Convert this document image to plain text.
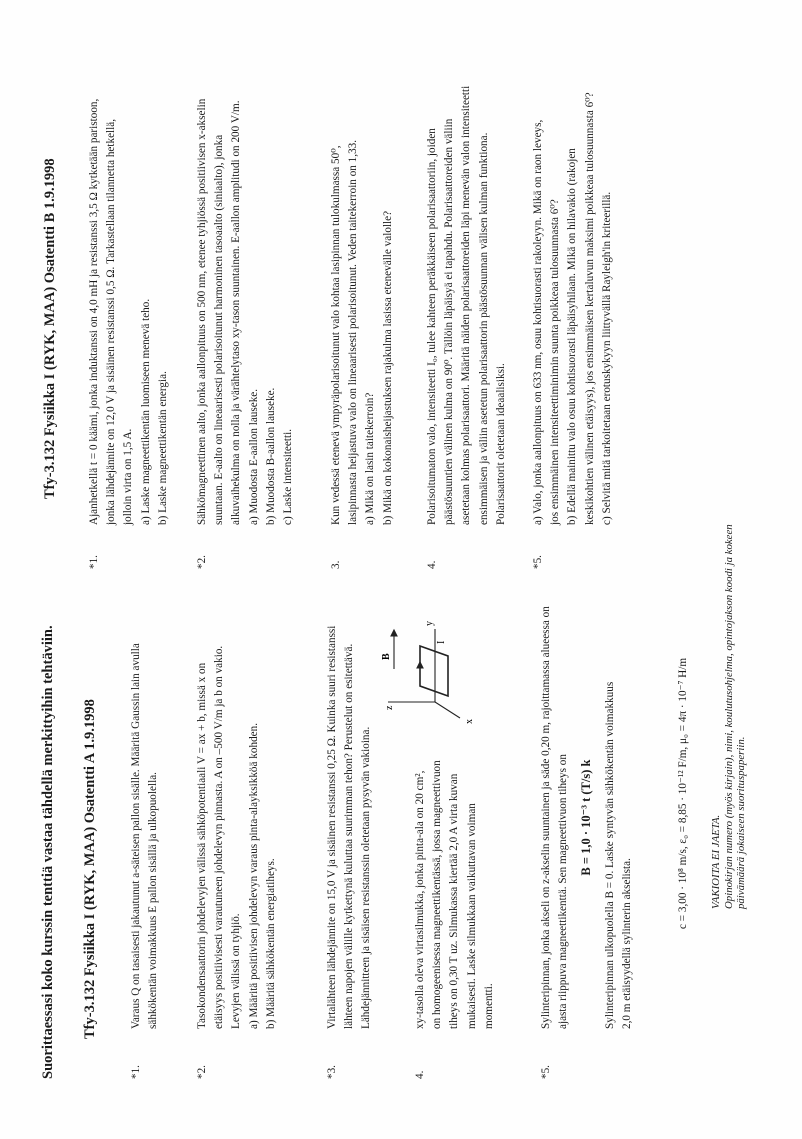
Suorittaessasi koko kurssin tenttiä vastaa tähdellä merkittyihin tehtäviin. Tfy-3.132 Fysiikka I (RYK, MAA) Osatentti A 1.9.1998
*1.
Varaus Q on tasaisesti jakautunut a-säteisen pallon sisälle. Määritä Gaussin lain avulla sähkökentän voimakkuus E pallon sisällä ja ulkopuolella.
*2.
Tasokondensaattorin johdelevyjen välissä sähköpotentiaali V = ax + b, missä x on etäisyys positiivisesti varautuneen johdelevyn pinnasta. A on –500 V/m ja b on vakio. Levyjen välissä on tyhjiö. a) Määritä positiivisen johdelevyn varaus pinta-alayksikköä kohden. b) Määritä sähkökentän energiatiheys.
*3.
Virtalähteen lähdejännite on 15,0 V ja sisäinen resistanssi 0,25 Ω. Kuinka suuri resistanssi lähteen napojen välille kytkettynä kuluttaa suurimman tehon? Perustelut on esitettävä. Lähdejännitteen ja sisäisen resistanssin oletetaan pysyvän vakioina.
4.
xy-tasolla oleva virtasilmukka, jonka pinta-ala on 20 cm², on homogeenisessa magneettikentässä, jossa magneettivuon tiheys on 0,30 T uz. Silmukassa kiertää 2,0 A virta kuvan mukaisesti. Laske silmukkaan vaikuttavan voiman momentti.
z
y
x
B
I
*5.
Sylinteripinnan, jonka akseli on z-akselin suuntainen ja säde 0,20 m, rajoittamassa alueessa on ajasta riippuva magneettikenttä. Sen magneettivuon tiheys on B = 1,0 · 10⁻³ t (T/s) k Sylinteripinnan ulkopuolella B = 0. Laske syntyvän sähkökentän voimakkuus 2,0 m etäisyydellä sylinterin akselista.
c = 3,00 · 10⁸ m/s, ε₀ = 8,85 · 10⁻¹² F/m, μ₀ = 4π · 10⁻⁷ H/m VAKIOITA EI JAETA. Opinokirjan numero (myös kirjain), nimi, koulutusohjelma, opintojakson koodi ja kokeen päivämäärä jokaiseen suorituspaperiin.
Tfy-3.132 Fysiikka I (RYK, MAA) Osatentti B 1.9.1998
*1.
Ajanhetkellä t = 0 käämi, jonka induktanssi on 4,0 mH ja resistanssi 3,5 Ω kytketään paristoon, jonka lähdejännite on 12,0 V ja sisäinen resistanssi 0,5 Ω. Tarkastellaan tilannetta hetkellä, jolloin virta on 1,5 A. a) Laske magneettikentän luomiseen menevä teho. b) Laske magneettikentän energia.
*2.
Sähkömagneettinen aalto, jonka aallonpituus on 500 nm, etenee tyhjiössä positiivisen x-akselin suuntaan. E-aalto on lineaarisesti polarisoitunut harmoninen tasoaalto (siniaalto), jonka alkuvaihekulma on nolla ja värähtelytaso xy-tason suuntainen. E-aallon amplitudi on 200 V/m. a) Muodosta E-aallon lauseke. b) Muodosta B-aallon lauseke. c) Laske intensiteetti.
3.
Kun vedessä etenevä ympyräpolarisoitunut valo kohtaa lasipinnan tulokulmassa 50⁰, lasipinnasta heijastuva valo on lineaarisesti polarisoitunut. Veden taitekerroin on 1,33. a) Mikä on lasin taitekerroin? b) Mikä on kokonaisheijastuksen rajakulma lasissa etenevälle valolle?
4.
Polarisoitumaton valo, intensiteetti I₀, tulee kahteen peräkkäiseen polarisaattoriin, joiden päästösuuntien välinen kulma on 90⁰. Tällöin läpäisyä ei tapahdu. Polarisaattoreiden väliin asetetaan kolmas polarisaattori. Määritä näiden polarisaattoreiden läpi menevän valon intensiteetti ensimmäisen ja väliin asetetun polarisaattorin päästösuunnan välisen kulman funktiona. Polarisaattorit oletetaan ideaalisiksi.
*5.
a) Valo, jonka aallonpituus on 633 nm, osuu kohtisuorasti rakoleyyn. Mikä on raon leveys, jos ensimmäinen intensiteettiminimin suunta poikkeaa tulosuunnasta 6⁰? b) Edellä mainittu valo osuu kohtisuorasti läpäisyhilaan. Mikä on hilavakio (rakojen keskikohtien välinen etäisyys), jos ensimmäisen kertaluvun maksimi poikkeaa tulosuunnasta 6⁰? c) Selvitä mitä tarkoitetaan erotuskykyyn liittyvällä Rayleigh'in kriteerillä.
